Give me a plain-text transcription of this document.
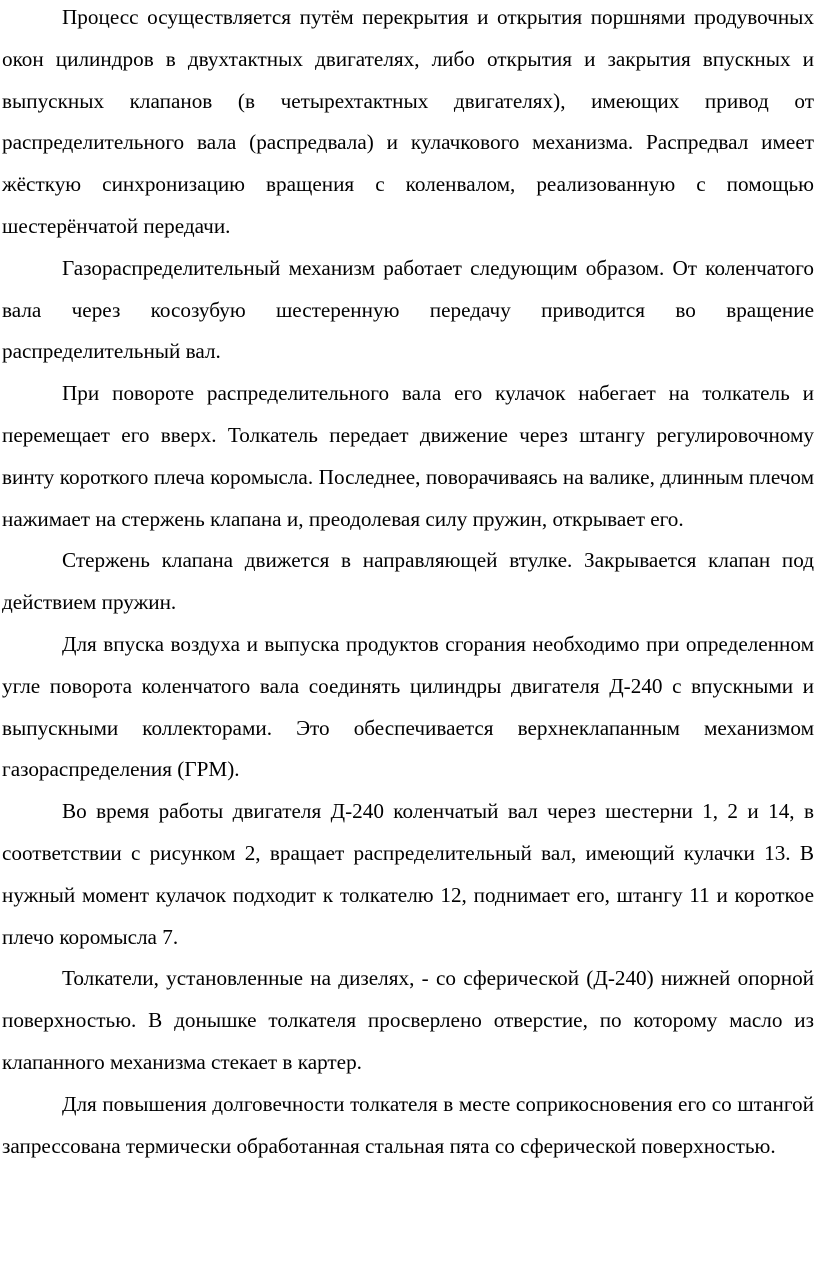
Процесс осуществляется путём перекрытия и открытия поршнями продувочных окон цилиндров в двухтактных двигателях, либо открытия и закрытия впускных и выпускных клапанов (в четырехтактных двигателях), имеющих привод от распределительного вала (распредвала) и кулачкового механизма. Распредвал имеет жёсткую синхронизацию вращения с коленвалом, реализованную с помощью шестерёнчатой передачи.

Газораспределительный механизм работает следующим образом. От коленчатого вала через косозубую шестеренную передачу приводится во вращение распределительный вал.

При повороте распределительного вала его кулачок набегает на толкатель и перемещает его вверх. Толкатель передает движение через штангу регулировочному винту короткого плеча коромысла. Последнее, поворачиваясь на валике, длинным плечом нажимает на стержень клапана и, преодолевая силу пружин, открывает его.

Стержень клапана движется в направляющей втулке. Закрывается клапан под действием пружин.

Для впуска воздуха и выпуска продуктов сгорания необходимо при определенном угле поворота коленчатого вала соединять цилиндры двигателя Д-240 с впускными и выпускными коллекторами. Это обеспечивается верхнеклапанным механизмом газораспределения (ГРМ).

Во время работы двигателя Д-240 коленчатый вал через шестерни 1, 2 и 14, в соответствии с рисунком 2, вращает распределительный вал, имеющий кулачки 13. В нужный момент кулачок подходит к толкателю 12, поднимает его, штангу 11 и короткое плечо коромысла 7.

Толкатели, установленные на дизелях, - со сферической (Д-240) нижней опорной поверхностью. В донышке толкателя просверлено отверстие, по которому масло из клапанного механизма стекает в картер.

Для повышения долговечности толкателя в месте соприкосновения его со штангой запрессована термически обработанная стальная пята со сферической поверхностью.
